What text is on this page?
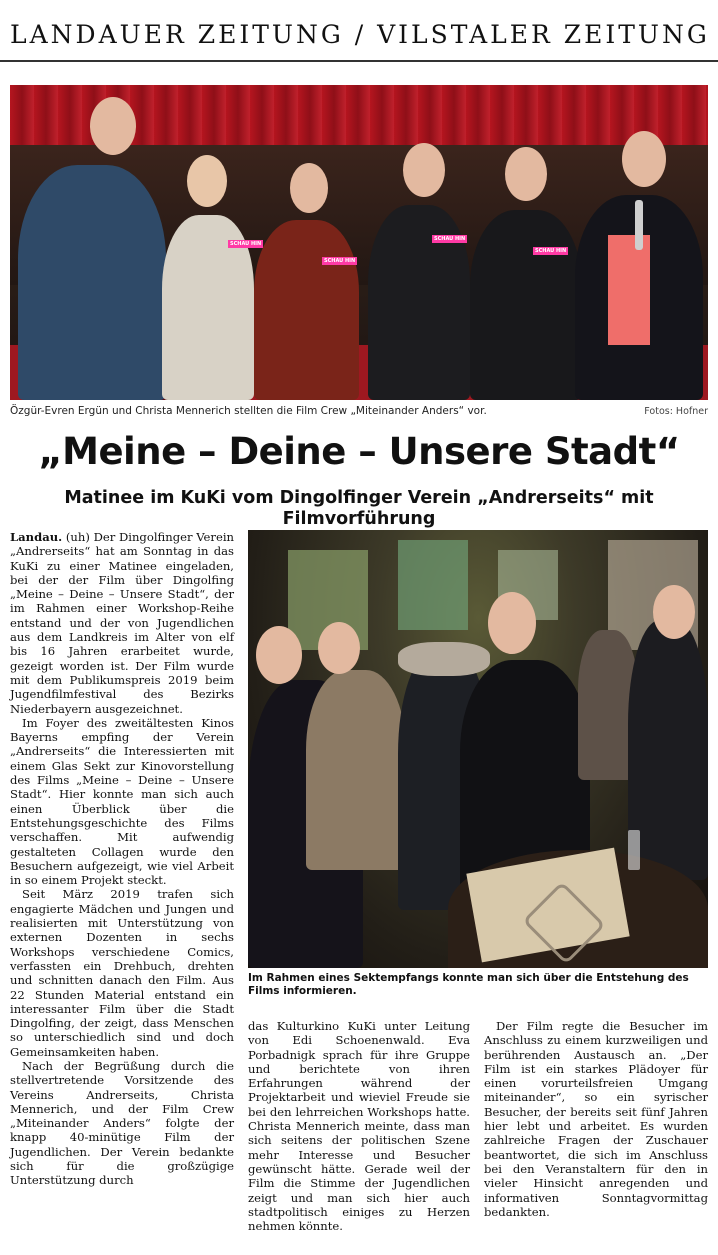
LANDAUER ZEITUNG / VILSTALER ZEITUNG
SCHAU HIN
SCHAU HIN
SCHAU HIN
SCHAU HIN
Özgür-Evren Ergün und Christa Mennerich stellten die Film Crew „Miteinander Anders“ vor.	Fotos: Hofner
„Meine – Deine – Unsere Stadt“
Matinee im KuKi vom Dingolfinger Verein „Andrerseits“ mit Filmvorführung

Landau. (uh) Der Dingolfinger Verein „Andrerseits“ hat am Sonntag in das KuKi zu einer Matinee eingeladen, bei der der Film über Dingolfing „Meine – Deine – Unsere Stadt“, der im Rahmen einer Workshop-Reihe entstand und der von Jugendlichen aus dem Landkreis im Alter von elf bis 16 Jahren erarbeitet wurde, gezeigt worden ist. Der Film wurde mit dem Publikumspreis 2019 beim Jugendfilmfestival des Bezirks Niederbayern ausgezeichnet.

Im Foyer des zweitältesten Kinos Bayerns empfing der Verein „Andrerseits“ die Interessierten mit einem Glas Sekt zur Kinovorstellung des Films „Meine – Deine – Unsere Stadt“. Hier konnte man sich auch einen Überblick über die Entstehungsgeschichte des Films verschaffen. Mit aufwendig gestalteten Collagen wurde den Besuchern aufgezeigt, wie viel Arbeit in so einem Projekt steckt.

Seit März 2019 trafen sich engagierte Mädchen und Jungen und realisierten mit Unterstützung von externen Dozenten in sechs Workshops verschiedene Comics, verfassten ein Drehbuch, drehten und schnitten danach den Film. Aus 22 Stunden Material entstand ein interessanter Film über die Stadt Dingolfing, der zeigt, dass Menschen so unterschiedlich sind und doch Gemeinsamkeiten haben.

Nach der Begrüßung durch die stellvertretende Vorsitzende des Vereins Andrerseits, Christa Mennerich, und der Film Crew „Miteinander Anders“ folgte der knapp 40-minütige Film der Jugendlichen. Der Verein bedankte sich für die großzügige Unterstützung durch

Im Rahmen eines Sektempfangs konnte man sich über die Entstehung des Films informieren.

das Kulturkino KuKi unter Leitung von Edi Schoenenwald. Eva Porbadnigk sprach für ihre Gruppe und berichtete von ihren Erfahrungen während der Projektarbeit und wieviel Freude sie bei den lehrreichen Workshops hatte. Christa Mennerich meinte, dass man sich seitens der politischen Szene mehr Interesse und Besucher gewünscht hätte. Gerade weil der Film die Stimme der Jugendlichen zeigt und man sich hier auch stadtpolitisch einiges zu Herzen nehmen könnte.

Der Film regte die Besucher im Anschluss zu einem kurzweiligen und berührenden Austausch an. „Der Film ist ein starkes Plädoyer für einen vorurteilsfreien Umgang miteinander“, so ein syrischer Besucher, der bereits seit fünf Jahren hier lebt und arbeitet. Es wurden zahlreiche Fragen der Zuschauer beantwortet, die sich im Anschluss bei den Veranstaltern für den in vieler Hinsicht anregenden und informativen Sonntagvormittag bedankten.
